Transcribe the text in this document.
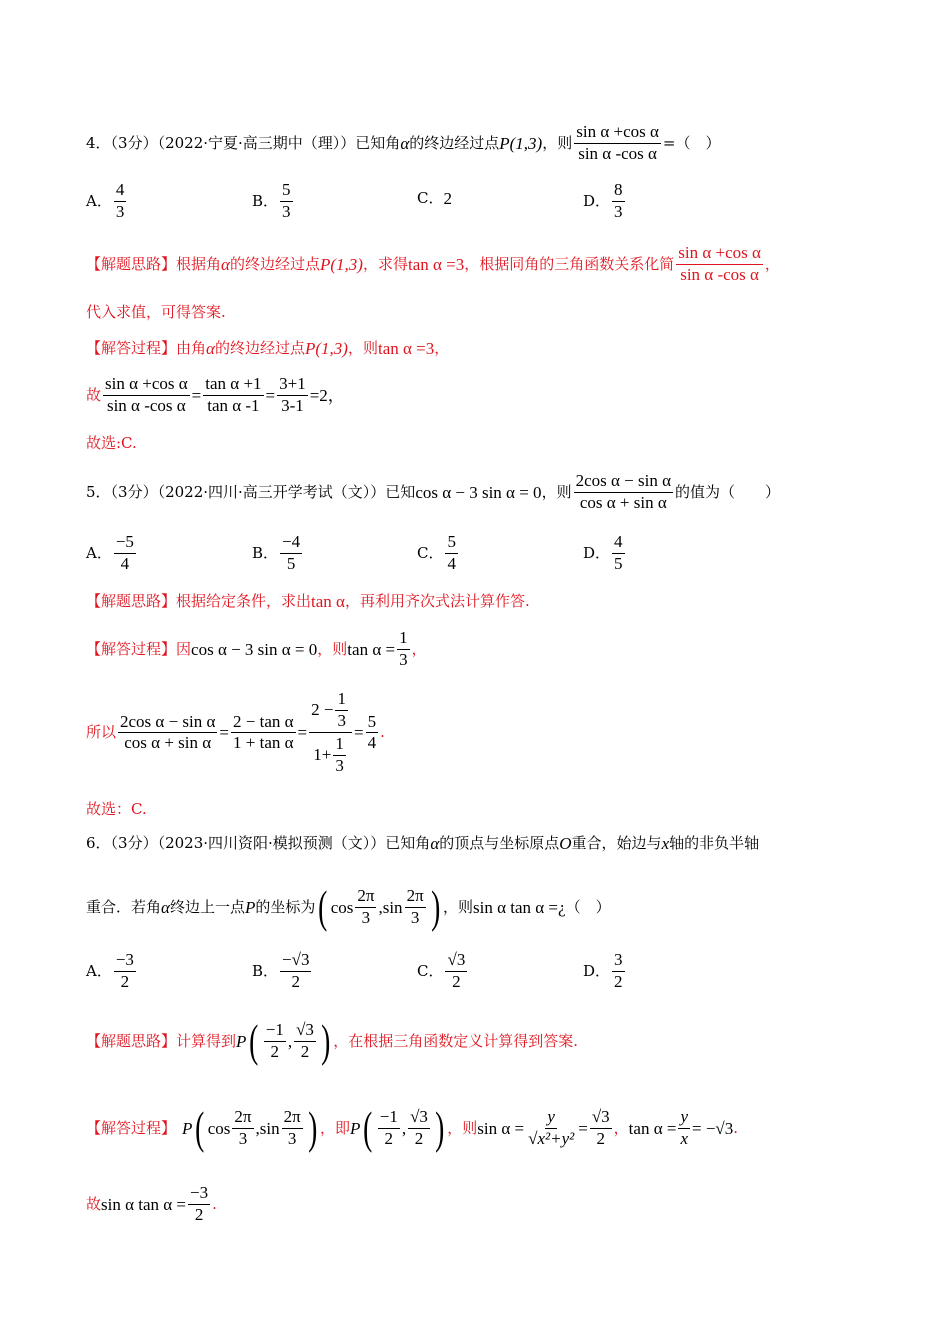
4．（3分）（2022·宁夏·高三期中（理））已知角 α 的终边经过点 P(1,3) ，则 $\frac{\text{sin α +cos α}}{\text{sin α -cos α}}$ =（　）
A． $\frac{4}{3}$	B． $\frac{5}{3}$	C． 2	D． $\frac{8}{3}$
【解题思路】 根据角 α 的终边经过点 P(1,3) ，求得 tan α =3 ，根据同角的三角函数关系化简 $\frac{\text{sin α +cos α}}{\text{sin α -cos α}}$ ，
代入求值，可得答案.
【解答过程】 由角 α 的终边经过点 P(1,3) ，则 tan α =3 ，
故 $\frac{\text{sin α +cos α}}{\text{sin α -cos α}} = \frac{\text{tan α +1}}{\text{tan α -1}} = \frac{3+1}{3-1} =2$，
故选:C.
5．（3分）（2022·四川·高三开学考试（文））已知 cos α − 3 sin α = 0 ，则 $\frac{\text{2cos α − sin α}}{\text{cos α + sin α}}$ 的值为（　　）
A． $\frac{-5}{4}$	B． $\frac{-4}{5}$	C． $\frac{5}{4}$	D． $\frac{4}{5}$
【解题思路】 根据给定条件，求出 tan α ，再利用齐次式法计算作答.
【解答过程】 因 cos α − 3 sin α = 0 ，则 $\tan \alpha = \frac{1}{3}$ ，
所以 $\frac{\text{2cos α − sin α}}{\text{cos α + sin α}} = \frac{\text{2 − tan α}}{\text{1 + tan α}} = \frac{2 - \frac{1}{3}}{1+ \frac{1}{3}} = \frac{5}{4}$ .
故选：C.
6．（3分）（2023·四川资阳·模拟预测（文））已知角 α 的顶点与坐标原点 O 重合，始边与 x 轴的非负半轴
重合．若角 α 终边上一点 P 的坐标为 ( $\cos \frac{2\pi}{3}$ , $\sin \frac{2\pi}{3}$ ) ，则 sin α tan α =¿ （　）
A． $\frac{-3}{2}$	B． $\frac{-√3}{2}$	C． $\frac{√3}{2}$	D． $\frac{3}{2}$
【解题思路】 计算得到 P ( $\frac{-1}{2}$ , $\frac{√3}{2}$ ) ，在根据三角函数定义计算得到答案.
【解答过程】 P ( $\cos \frac{2\pi}{3}$ , $\sin \frac{2\pi}{3}$ ) ，即 P ( $\frac{-1}{2}$ , $\frac{√3}{2}$ ) ，则 $\sin \alpha = \frac{y}{\text{√x²+y²}} = \frac{√3}{2}$ ， $\tan \alpha = \frac{y}{x} = -√3$ .
故 sin α $\tan \alpha = \frac{-3}{2}$ .
